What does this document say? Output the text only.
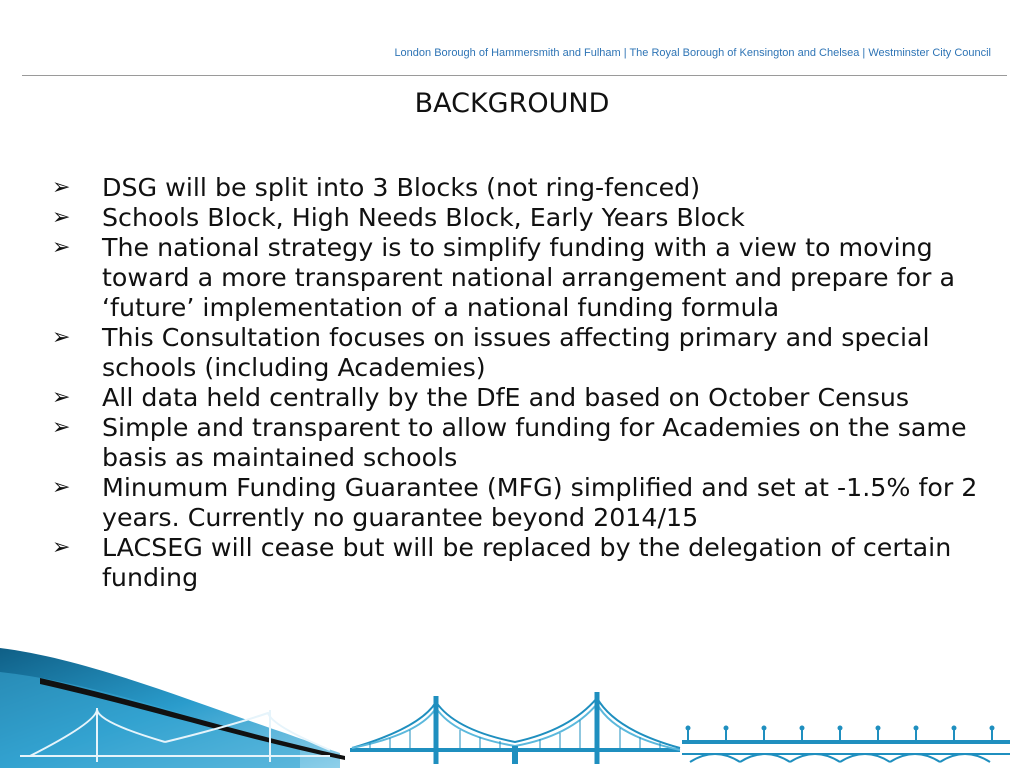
London Borough of Hammersmith and Fulham | The Royal Borough of Kensington and Chelsea | Westminster City Council
BACKGROUND
➢	DSG will be split into 3 Blocks (not ring-fenced)
➢	Schools Block, High Needs Block, Early Years Block
➢	The national strategy is to simplify funding with a view to moving toward a more transparent national arrangement and prepare for a ‘future’ implementation of a national funding formula
➢	This Consultation focuses on issues affecting primary and special schools (including Academies)
➢	All data held centrally by the DfE and based on October Census
➢	Simple and transparent to allow funding for Academies on the same basis as maintained schools
➢	Minumum Funding Guarantee (MFG) simplified and set at -1.5% for 2 years. Currently no guarantee beyond 2014/15
➢	LACSEG will cease but will be replaced by the delegation of certain funding
